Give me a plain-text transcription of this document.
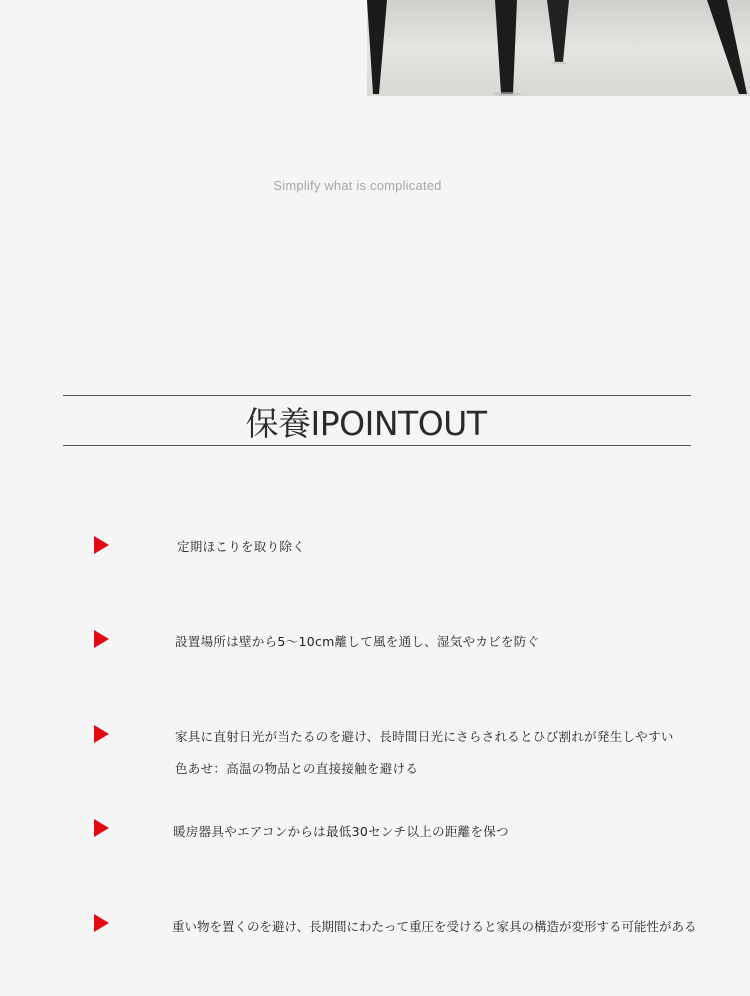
Simplify what is complicated
保養IPOINTOUT
定期ほこりを取り除く
設置場所は壁から5〜10cm離して風を通し、湿気やカビを防ぐ
家具に直射日光が当たるのを避け、長時間日光にさらされるとひび割れが発生しやすい
色あせ：高温の物品との直接接触を避ける
暖房器具やエアコンからは最低30センチ以上の距離を保つ
重い物を置くのを避け、長期間にわたって重圧を受けると家具の構造が変形する可能性がある
